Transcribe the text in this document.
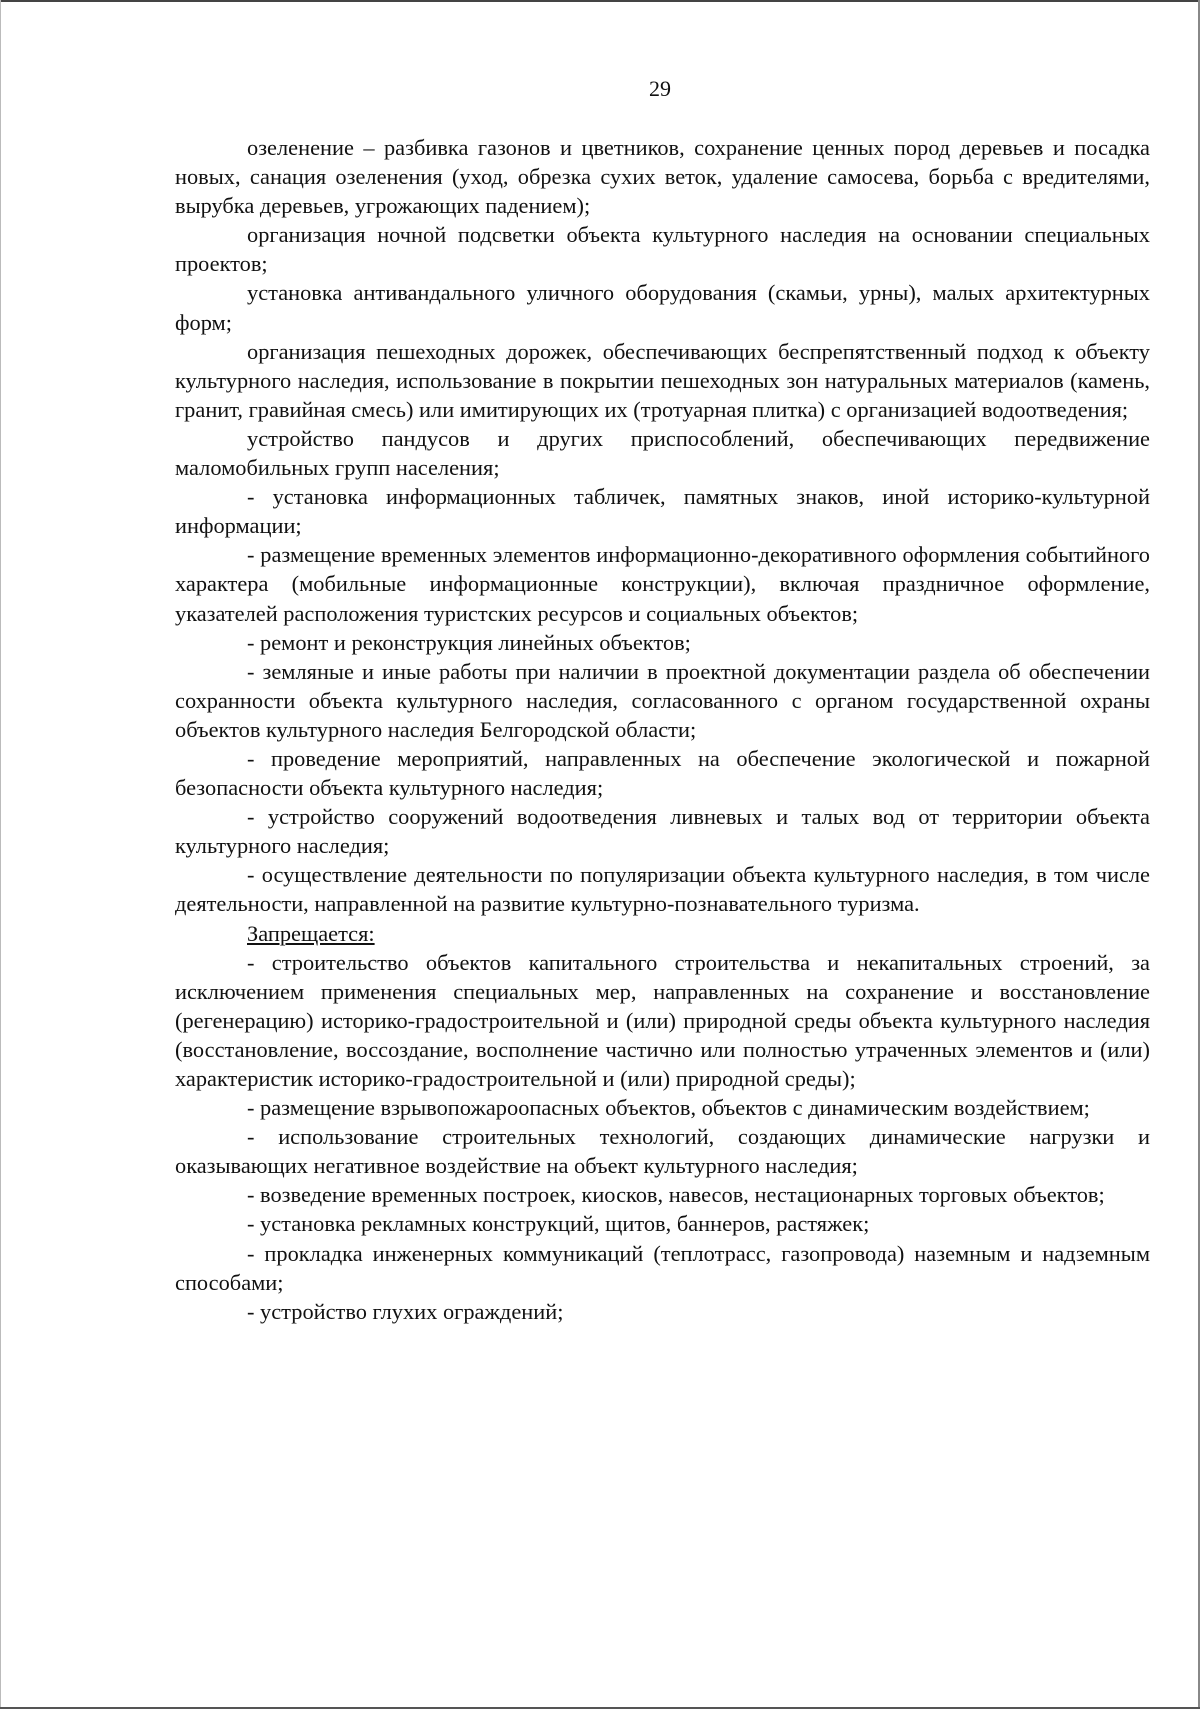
29

озеленение – разбивка газонов и цветников, сохранение ценных пород деревьев и посадка новых, санация озеленения (уход, обрезка сухих веток, удаление самосева, борьба с вредителями, вырубка деревьев, угрожающих падением);

организация ночной подсветки объекта культурного наследия на основании специальных проектов;

установка антивандального уличного оборудования (скамьи, урны), малых архитектурных форм;

организация пешеходных дорожек, обеспечивающих беспрепятственный подход к объекту культурного наследия, использование в покрытии пешеходных зон натуральных материалов (камень, гранит, гравийная смесь) или имитирующих их (тротуарная плитка) с организацией водоотведения;

устройство пандусов и других приспособлений, обеспечивающих передвижение маломобильных групп населения;

- установка информационных табличек, памятных знаков, иной историко-культурной информации;

- размещение временных элементов информационно-декоративного оформления событийного характера (мобильные информационные конструкции), включая праздничное оформление, указателей расположения туристских ресурсов и социальных объектов;

- ремонт и реконструкция линейных объектов;

- земляные и иные работы при наличии в проектной документации раздела об обеспечении сохранности объекта культурного наследия, согласованного с органом государственной охраны объектов культурного наследия Белгородской области;

- проведение мероприятий, направленных на обеспечение экологической и пожарной безопасности объекта культурного наследия;

- устройство сооружений водоотведения ливневых и талых вод от территории объекта культурного наследия;

- осуществление деятельности по популяризации объекта культурного наследия, в том числе деятельности, направленной на развитие культурно-познавательного туризма.

Запрещается:

- строительство объектов капитального строительства и некапитальных строений, за исключением применения специальных мер, направленных на сохранение и восстановление (регенерацию) историко-градостроительной и (или) природной среды объекта культурного наследия (восстановление, воссоздание, восполнение частично или полностью утраченных элементов и (или) характеристик историко-градостроительной и (или) природной среды);

- размещение взрывопожароопасных объектов, объектов с динамическим воздействием;

- использование строительных технологий, создающих динамические нагрузки и оказывающих негативное воздействие на объект культурного наследия;

- возведение временных построек, киосков, навесов, нестационарных торговых объектов;

- установка рекламных конструкций, щитов, баннеров, растяжек;

- прокладка инженерных коммуникаций (теплотрасс, газопровода) наземным и надземным способами;

- устройство глухих ограждений;
